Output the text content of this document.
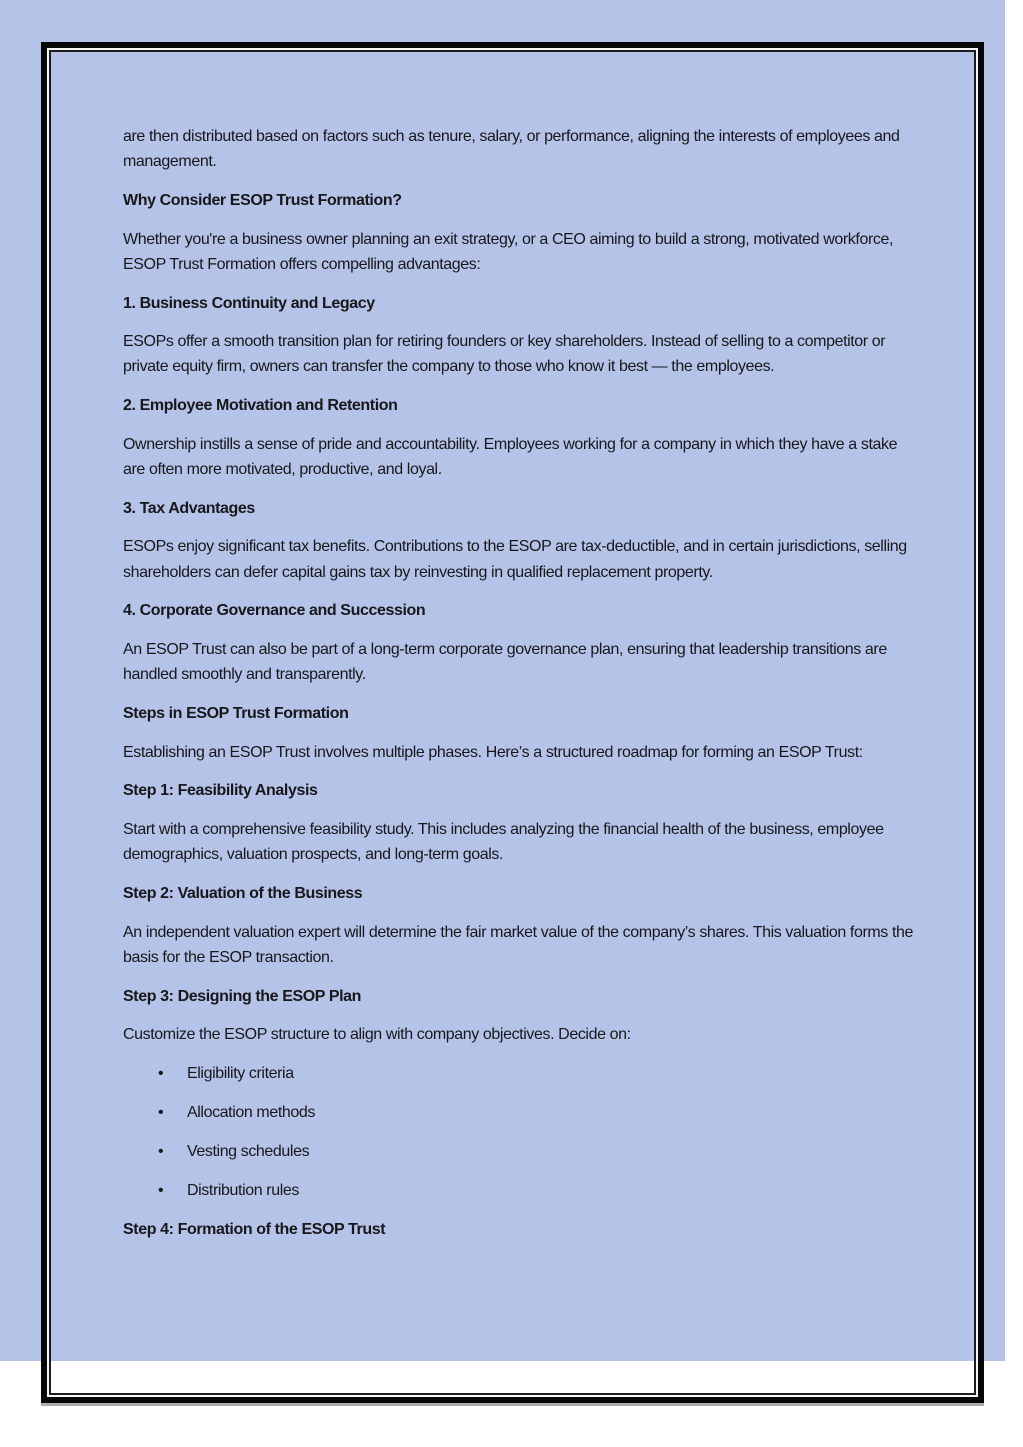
are then distributed based on factors such as tenure, salary, or performance, aligning the interests of employees and management.

Why Consider ESOP Trust Formation?

Whether you're a business owner planning an exit strategy, or a CEO aiming to build a strong, motivated workforce, ESOP Trust Formation offers compelling advantages:

1. Business Continuity and Legacy

ESOPs offer a smooth transition plan for retiring founders or key shareholders. Instead of selling to a competitor or private equity firm, owners can transfer the company to those who know it best — the employees.

2. Employee Motivation and Retention

Ownership instills a sense of pride and accountability. Employees working for a company in which they have a stake are often more motivated, productive, and loyal.

3. Tax Advantages

ESOPs enjoy significant tax benefits. Contributions to the ESOP are tax-deductible, and in certain jurisdictions, selling shareholders can defer capital gains tax by reinvesting in qualified replacement property.

4. Corporate Governance and Succession

An ESOP Trust can also be part of a long-term corporate governance plan, ensuring that leadership transitions are handled smoothly and transparently.

Steps in ESOP Trust Formation

Establishing an ESOP Trust involves multiple phases. Here’s a structured roadmap for forming an ESOP Trust:

Step 1: Feasibility Analysis

Start with a comprehensive feasibility study. This includes analyzing the financial health of the business, employee demographics, valuation prospects, and long-term goals.

Step 2: Valuation of the Business

An independent valuation expert will determine the fair market value of the company’s shares. This valuation forms the basis for the ESOP transaction.

Step 3: Designing the ESOP Plan

Customize the ESOP structure to align with company objectives. Decide on:

• Eligibility criteria
• Allocation methods
• Vesting schedules
• Distribution rules
Step 4: Formation of the ESOP Trust
